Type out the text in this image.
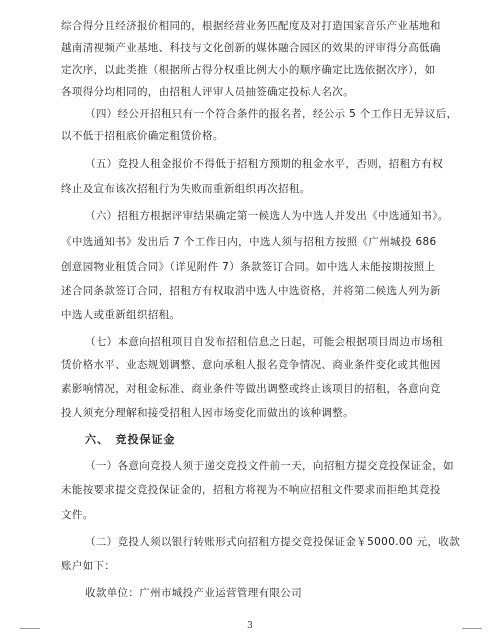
综合得分且经济报价相同的，根据经营业务匹配度及对打造国家音乐产业基地和
越南清视频产业基地、科技与文化创新的媒体融合园区的效果的评审得分高低确
定次序，以此类推（根据所占得分权重比例大小的顺序确定比选依据次序），如
各项得分均相同的，由招租人评审人员抽签确定投标人名次。
（四）经公开招租只有一个符合条件的报名者，经公示 5 个工作日无异议后，
以不低于招租底价确定租赁价格。
（五）竞投人租金报价不得低于招租方预期的租金水平，否则，招租方有权
终止及宣布该次招租行为失败而重新组织再次招租。
（六）招租方根据评审结果确定第一候选人为中选人并发出《中选通知书》。
《中选通知书》发出后 7 个工作日内，中选人须与招租方按照《广州城投 686
创意园物业租赁合同》（详见附件 7）条款签订合同。如中选人未能按期按照上
述合同条款签订合同，招租方有权取消中选人中选资格，并将第二候选人列为新
中选人或重新组织招租。
（七）本意向招租项目自发布招租信息之日起，可能会根据项目周边市场租
赁价格水平、业态规划调整、意向承租人报名竞争情况、商业条件变化或其他因
素影响情况，对租金标准、商业条件等做出调整或终止该项目的招租，各意向竞
投人须充分理解和接受招租人因市场变化而做出的该种调整。
六、　竞投保证金
（一）各意向竞投人须于递交竞投文件前一天，向招租方提交竞投保证金，如
未能按要求提交竞投保证金的，招租方将视为不响应招租文件要求而拒绝其竞投
文件。
（二）竞投人须以银行转账形式向招租方提交竞投保证金￥5000.00 元，收款
账户如下：
收款单位：广州市城投产业运营管理有限公司
3
